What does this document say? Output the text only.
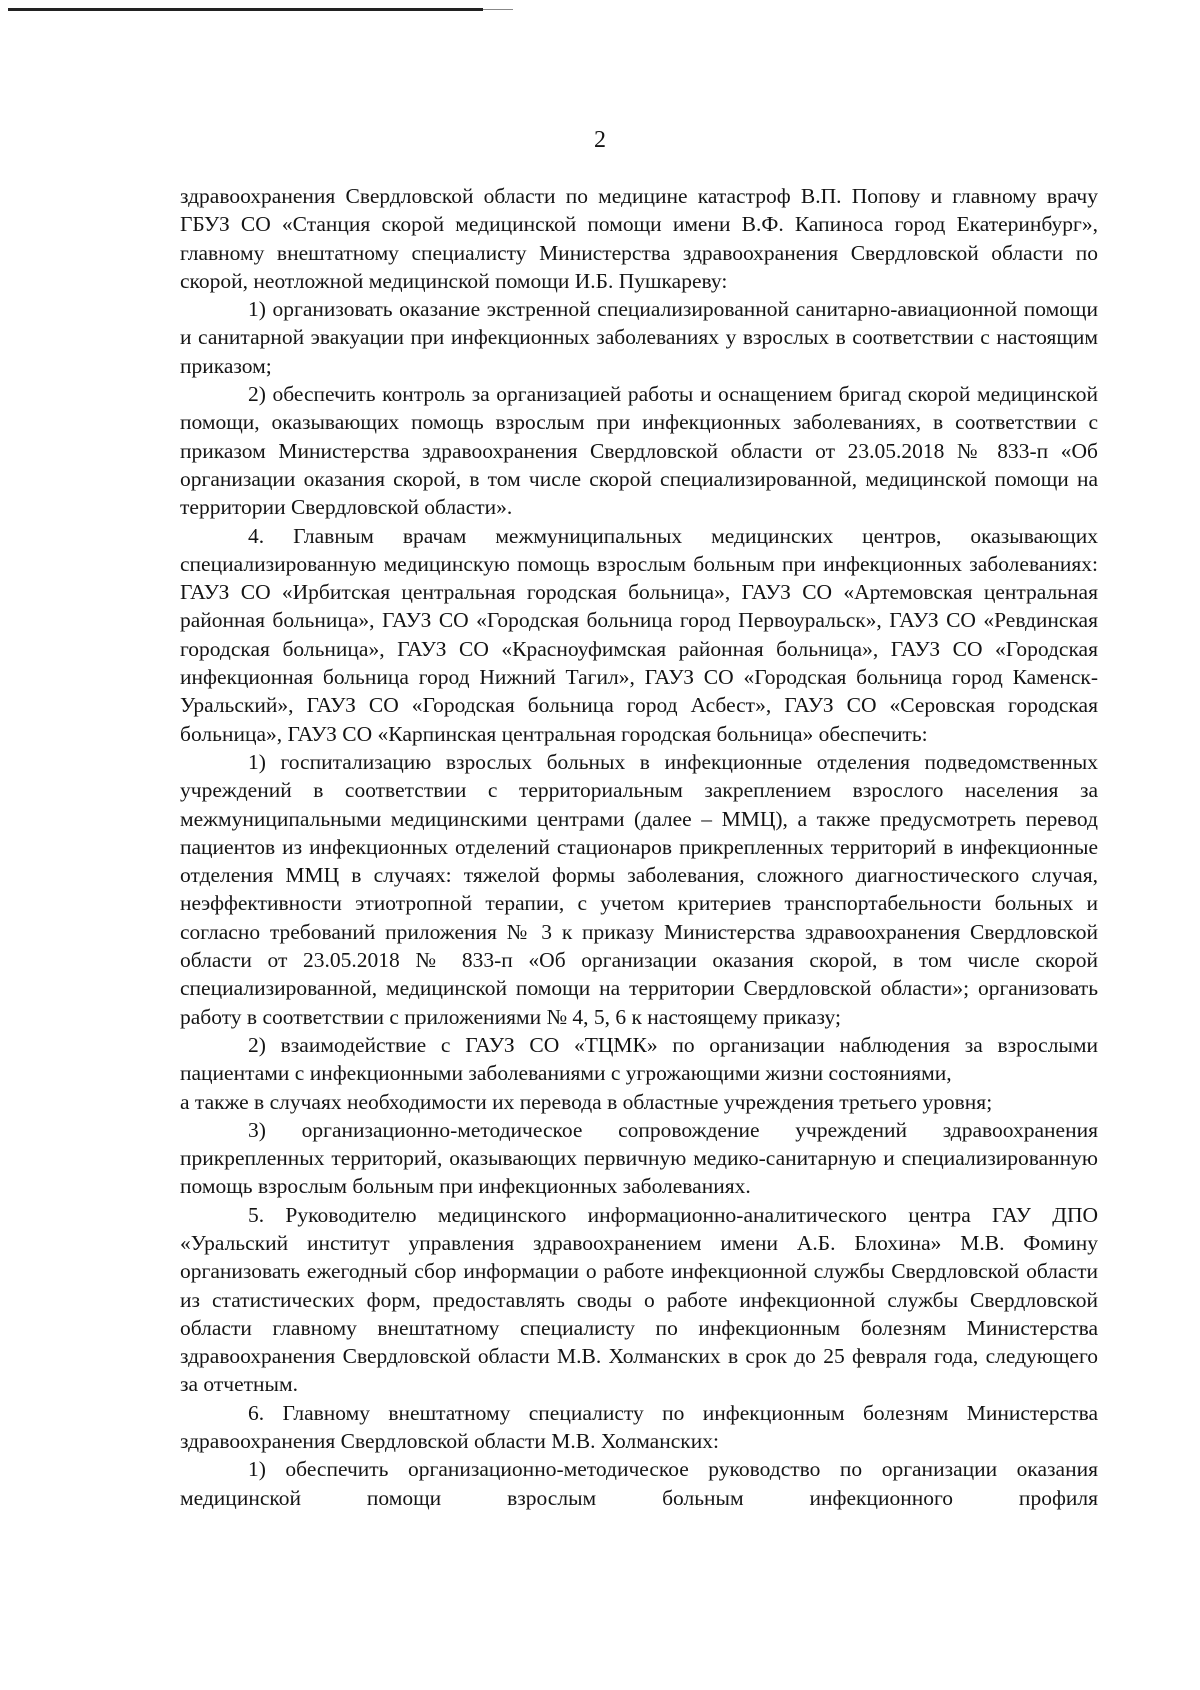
2

здравоохранения Свердловской области по медицине катастроф В.П. Попову и главному врачу ГБУЗ СО «Станция скорой медицинской помощи имени В.Ф. Капиноса город Екатеринбург», главному внештатному специалисту Министерства здравоохранения Свердловской области по скорой, неотложной медицинской помощи И.Б. Пушкареву:

1) организовать оказание экстренной специализированной санитарно-авиационной помощи и санитарной эвакуации при инфекционных заболеваниях у взрослых в соответствии с настоящим приказом;

2) обеспечить контроль за организацией работы и оснащением бригад скорой медицинской помощи, оказывающих помощь взрослым при инфекционных заболеваниях, в соответствии с приказом Министерства здравоохранения Свердловской области от 23.05.2018 № 833-п «Об организации оказания скорой, в том числе скорой специализированной, медицинской помощи на территории Свердловской области».

4. Главным врачам межмуниципальных медицинских центров, оказывающих специализированную медицинскую помощь взрослым больным при инфекционных заболеваниях: ГАУЗ СО «Ирбитская центральная городская больница», ГАУЗ СО «Артемовская центральная районная больница», ГАУЗ СО «Городская больница город Первоуральск», ГАУЗ СО «Ревдинская городская больница», ГАУЗ СО «Красноуфимская районная больница», ГАУЗ СО «Городская инфекционная больница город Нижний Тагил», ГАУЗ СО «Городская больница город Каменск-Уральский», ГАУЗ СО «Городская больница город Асбест», ГАУЗ СО «Серовская городская больница», ГАУЗ СО «Карпинская центральная городская больница» обеспечить:

1) госпитализацию взрослых больных в инфекционные отделения подведомственных учреждений в соответствии с территориальным закреплением взрослого населения за межмуниципальными медицинскими центрами (далее – ММЦ), а также предусмотреть перевод пациентов из инфекционных отделений стационаров прикрепленных территорий в инфекционные отделения ММЦ в случаях: тяжелой формы заболевания, сложного диагностического случая, неэффективности этиотропной терапии, с учетом критериев транспортабельности больных и согласно требований приложения № 3 к приказу Министерства здравоохранения Свердловской области от 23.05.2018 № 833-п «Об организации оказания скорой, в том числе скорой специализированной, медицинской помощи на территории Свердловской области»; организовать работу в соответствии с приложениями № 4, 5, 6 к настоящему приказу;

2) взаимодействие с ГАУЗ СО «ТЦМК» по организации наблюдения за взрослыми пациентами с инфекционными заболеваниями с угрожающими жизни состояниями,

а также в случаях необходимости их перевода в областные учреждения третьего уровня;

3) организационно-методическое сопровождение учреждений здравоохранения прикрепленных территорий, оказывающих первичную медико-санитарную и специализированную помощь взрослым больным при инфекционных заболеваниях.

5. Руководителю медицинского информационно-аналитического центра ГАУ ДПО «Уральский институт управления здравоохранением имени А.Б. Блохина» М.В. Фомину организовать ежегодный сбор информации о работе инфекционной службы Свердловской области из статистических форм, предоставлять своды о работе инфекционной службы Свердловской области главному внештатному специалисту по инфекционным болезням Министерства здравоохранения Свердловской области М.В. Холманских в срок до 25 февраля года, следующего за отчетным.

6. Главному внештатному специалисту по инфекционным болезням Министерства здравоохранения Свердловской области М.В. Холманских:

1) обеспечить организационно-методическое руководство по организации оказания медицинской помощи взрослым больным инфекционного профиля
